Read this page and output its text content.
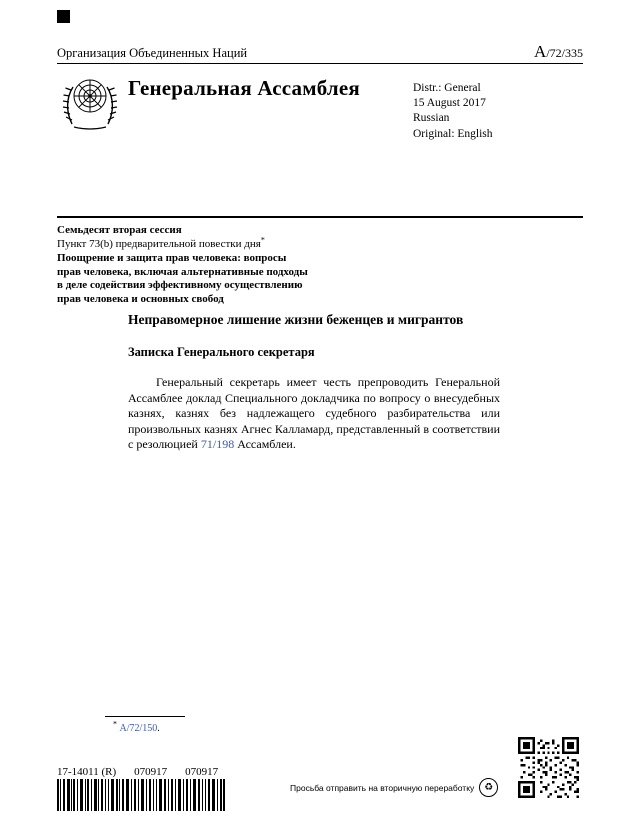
Организация Объединенных Наций	A/72/335
Генеральная Ассамблея	Distr.: General
15 August 2017
Russian
Original: English
Семьдесят вторая сессия
Пункт 73(b) предварительной повестки дня*
Поощрение и защита прав человека: вопросы прав человека, включая альтернативные подходы в деле содействия эффективному осуществлению прав человека и основных свобод
Неправомерное лишение жизни беженцев и мигрантов
Записка Генерального секретаря

Генеральный секретарь имеет честь препроводить Генеральной Ассамблее доклад Специального докладчика по вопросу о внесудебных казнях, казнях без надлежащего судебного разбирательства или произвольных казнях Агнес Калламард, представленный в соответствии с резолюцией 71/198 Ассамблеи.

* A/72/150.
17-14011 (R) 070917 070917
Просьба отправить на вторичную переработку	♻
